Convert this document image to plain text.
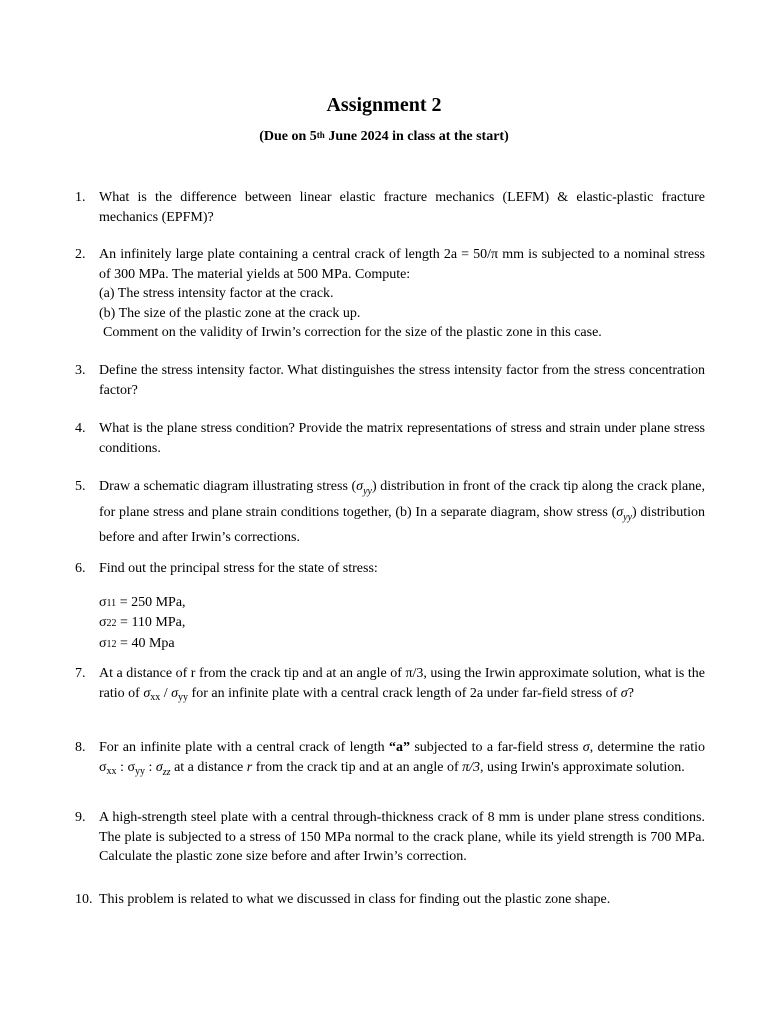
Assignment 2
(Due on 5th June 2024 in class at the start)
1. What is the difference between linear elastic fracture mechanics (LEFM) & elastic-plastic fracture mechanics (EPFM)?
2. An infinitely large plate containing a central crack of length 2a = 50/π mm is subjected to a nominal stress of 300 MPa. The material yields at 500 MPa. Compute:
(a) The stress intensity factor at the crack.
(b) The size of the plastic zone at the crack up.
Comment on the validity of Irwin’s correction for the size of the plastic zone in this case.
3. Define the stress intensity factor. What distinguishes the stress intensity factor from the stress concentration factor?
4. What is the plane stress condition? Provide the matrix representations of stress and strain under plane stress conditions.
5. Draw a schematic diagram illustrating stress $(\sigma_{yy})$ distribution in front of the crack tip along the crack plane, for plane stress and plane strain conditions together, (b) In a separate diagram, show stress $(\sigma_{yy})$ distribution before and after Irwin’s corrections.
6. Find out the principal stress for the state of stress:
σ11 = 250 MPa,
σ22 = 110 MPa,
σ12 = 40 Mpa
7. At a distance of r from the crack tip and at an angle of π/3, using the Irwin approximate solution, what is the ratio of $\sigma_{xx} / \sigma_{yy}$ for an infinite plate with a central crack length of 2a under far-field stress of σ?
8. For an infinite plate with a central crack of length “a” subjected to a far-field stress σ, determine the ratio $\sigma_{xx}$ : $\sigma_{yy}$ : $\sigma_{zz}$ at a distance r from the crack tip and at an angle of π/3, using Irwin's approximate solution.
9. A high-strength steel plate with a central through-thickness crack of 8 mm is under plane stress conditions. The plate is subjected to a stress of 150 MPa normal to the crack plane, while its yield strength is 700 MPa. Calculate the plastic zone size before and after Irwin’s correction.
10. This problem is related to what we discussed in class for finding out the plastic zone shape.
